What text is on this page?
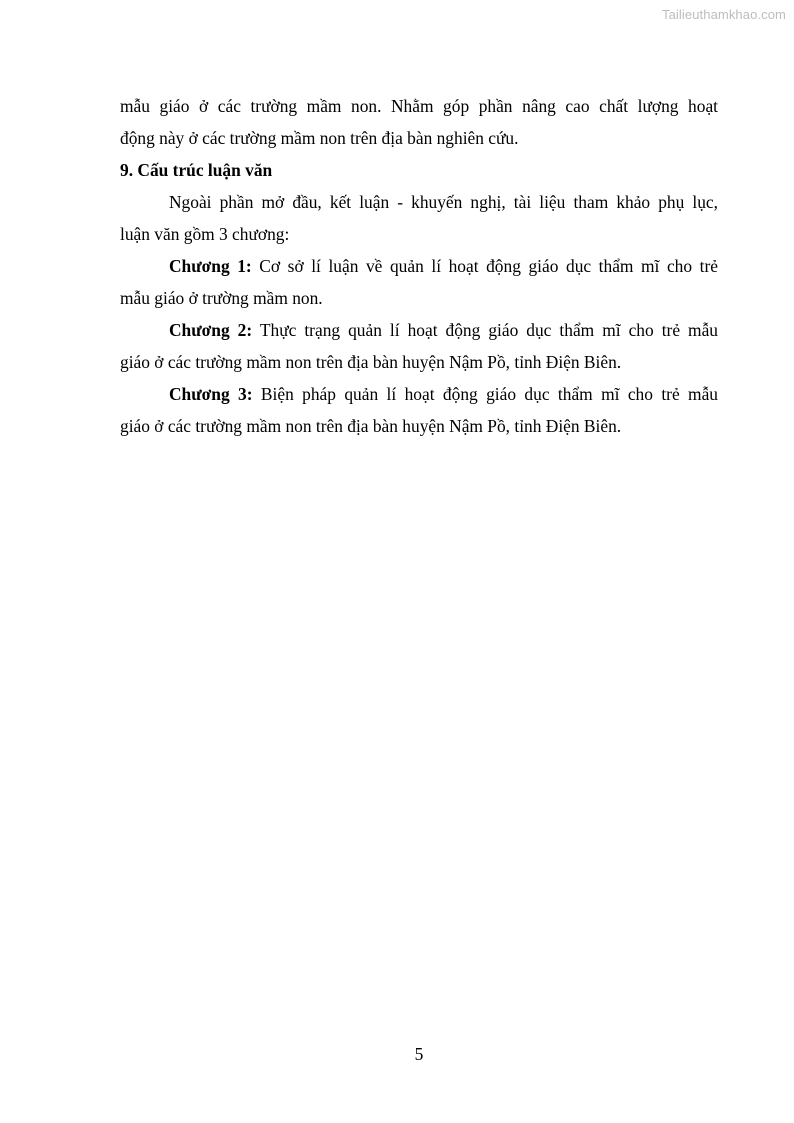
Tailieuthamkhao.com
mẫu giáo ở các trường mầm non. Nhằm góp phần nâng cao chất lượng hoạt
động này ở các trường mầm non trên địa bàn nghiên cứu.
9. Cấu trúc luận văn
Ngoài phần mở đầu, kết luận - khuyến nghị, tài liệu tham khảo phụ lục,
luận văn gồm 3 chương:
Chương 1: Cơ sở lí luận về quản lí hoạt động giáo dục thẩm mĩ cho trẻ
mẫu giáo ở trường mầm non.
Chương 2: Thực trạng quản lí hoạt động giáo dục thẩm mĩ cho trẻ mẫu
giáo ở các trường mầm non trên địa bàn huyện Nậm Pồ, tỉnh Điện Biên.
Chương 3: Biện pháp quản lí hoạt động giáo dục thẩm mĩ cho trẻ mẫu
giáo ở các trường mầm non trên địa bàn huyện Nậm Pồ, tỉnh Điện Biên.
5
